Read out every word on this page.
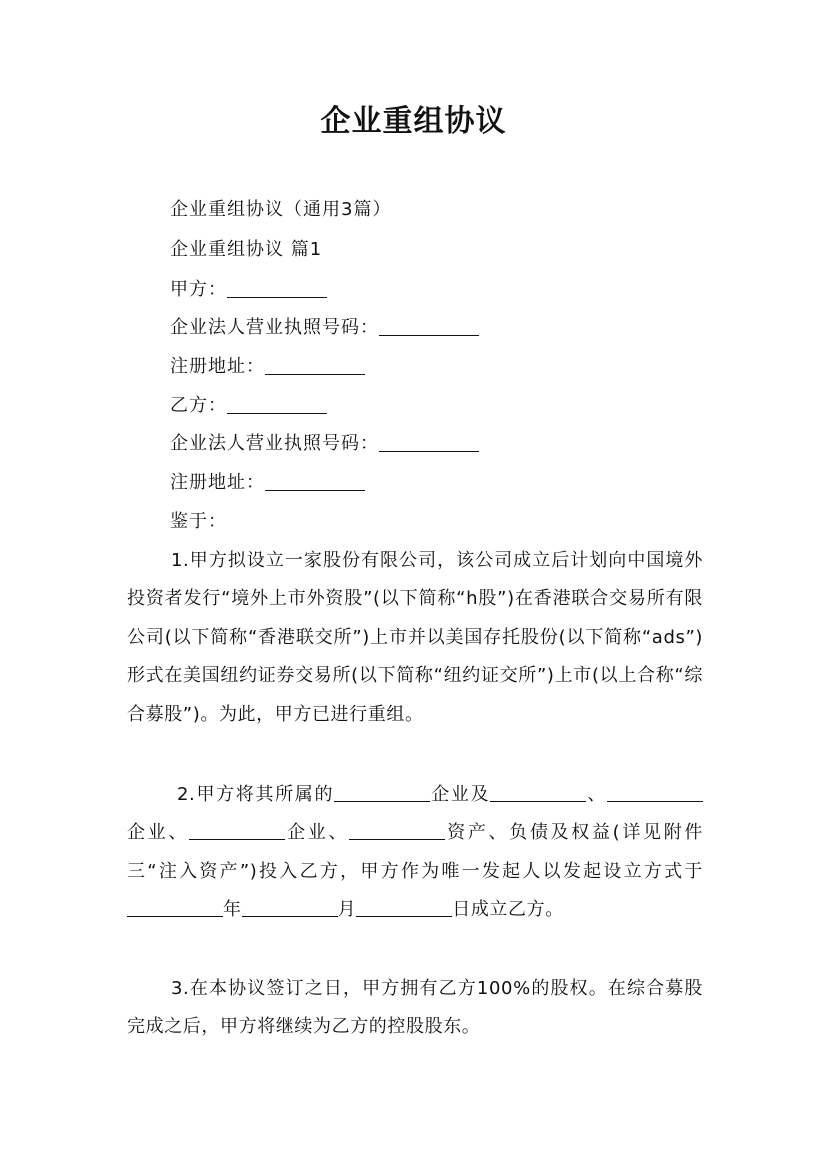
企业重组协议
企业重组协议（通用3篇）
企业重组协议 篇1
甲方：
企业法人营业执照号码：
注册地址：
乙方：
企业法人营业执照号码：
注册地址：
鉴于：
1.甲方拟设立一家股份有限公司，该公司成立后计划向中国境外投资者发行“境外上市外资股”(以下简称“h股”)在香港联合交易所有限公司(以下简称“香港联交所”)上市并以美国存托股份(以下简称“ads”)形式在美国纽约证券交易所(以下简称“纽约证交所”)上市(以上合称“综合募股”)。为此，甲方已进行重组。
2.甲方将其所属的	企业及	、企业、	企业、	资产、负债及权益(详见附件三“注入资产”)投入乙方，甲方作为唯一发起人以发起设立方式于年	月	日成立乙方。
3.在本协议签订之日，甲方拥有乙方100%的股权。在综合募股完成之后，甲方将继续为乙方的控股股东。
